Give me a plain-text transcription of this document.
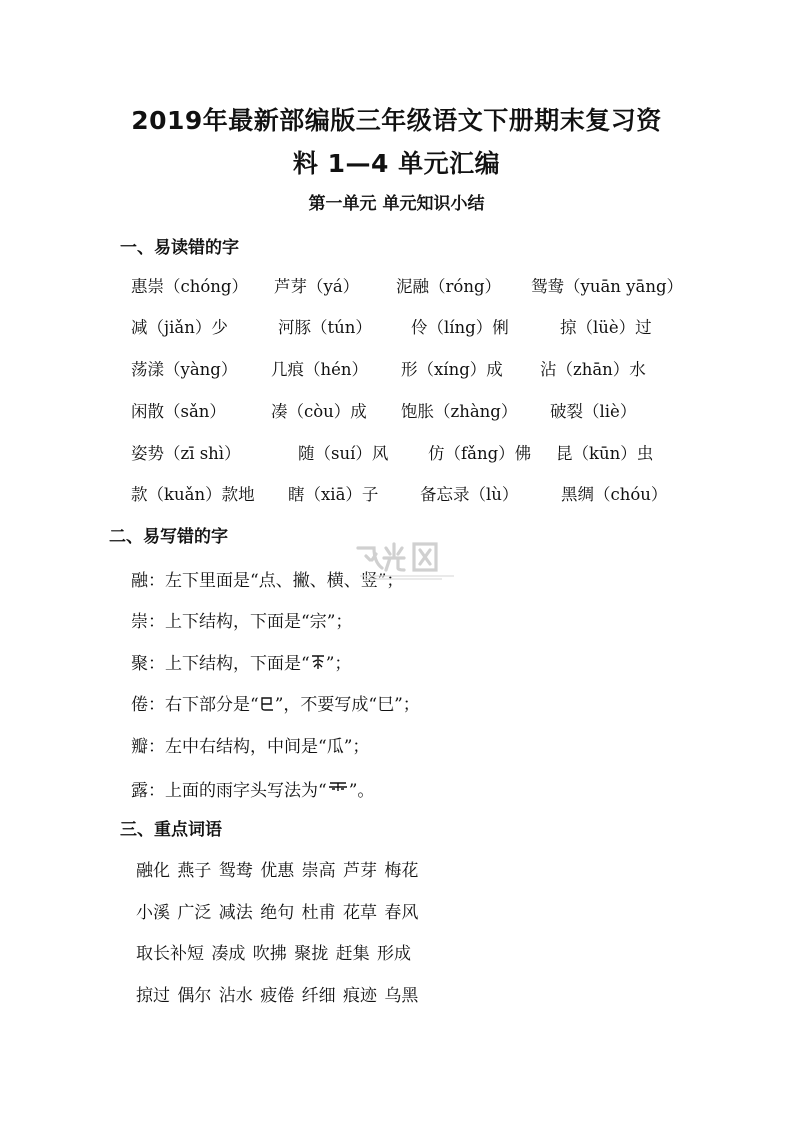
2019年最新部编版三年级语文下册期末复习资
料 1—4 单元汇编
第一单元 单元知识小结
一、易读错的字
惠崇（chóng） 芦芽（yá） 泥融（róng） 鸳鸯（yuān yāng）
减（jiǎn）少	河豚（tún） 伶（líng）俐	掠（lüè）过
荡漾（yàng） 几痕（hén） 形（xíng）成 沾（zhān）水
闲散（sǎn）	凑（còu）成 饱胀（zhàng） 破裂（liè）
姿势（zī shì）	随（suí）风 仿（fǎng）佛 昆（kūn）虫
款（kuǎn）款地 瞎（xiā）子	备忘录（lù）	黑绸（chóu）
二、易写错的字
融：左下里面是“点、撇、横、竖”；
崇：上下结构，下面是“宗”；
聚：上下结构，下面是“ ”；
倦：右下部分是“ ”，不要写成“巳”；
瓣：左中右结构，中间是“瓜”；
露：上面的雨字头写法为“ ”。
三、重点词语
融化 燕子 鸳鸯 优惠 崇高 芦芽 梅花
小溪 广泛 减法 绝句 杜甫 花草 春风
取长补短 凑成 吹拂 聚拢 赶集 形成
掠过 偶尔 沾水 疲倦 纤细 痕迹 乌黑
